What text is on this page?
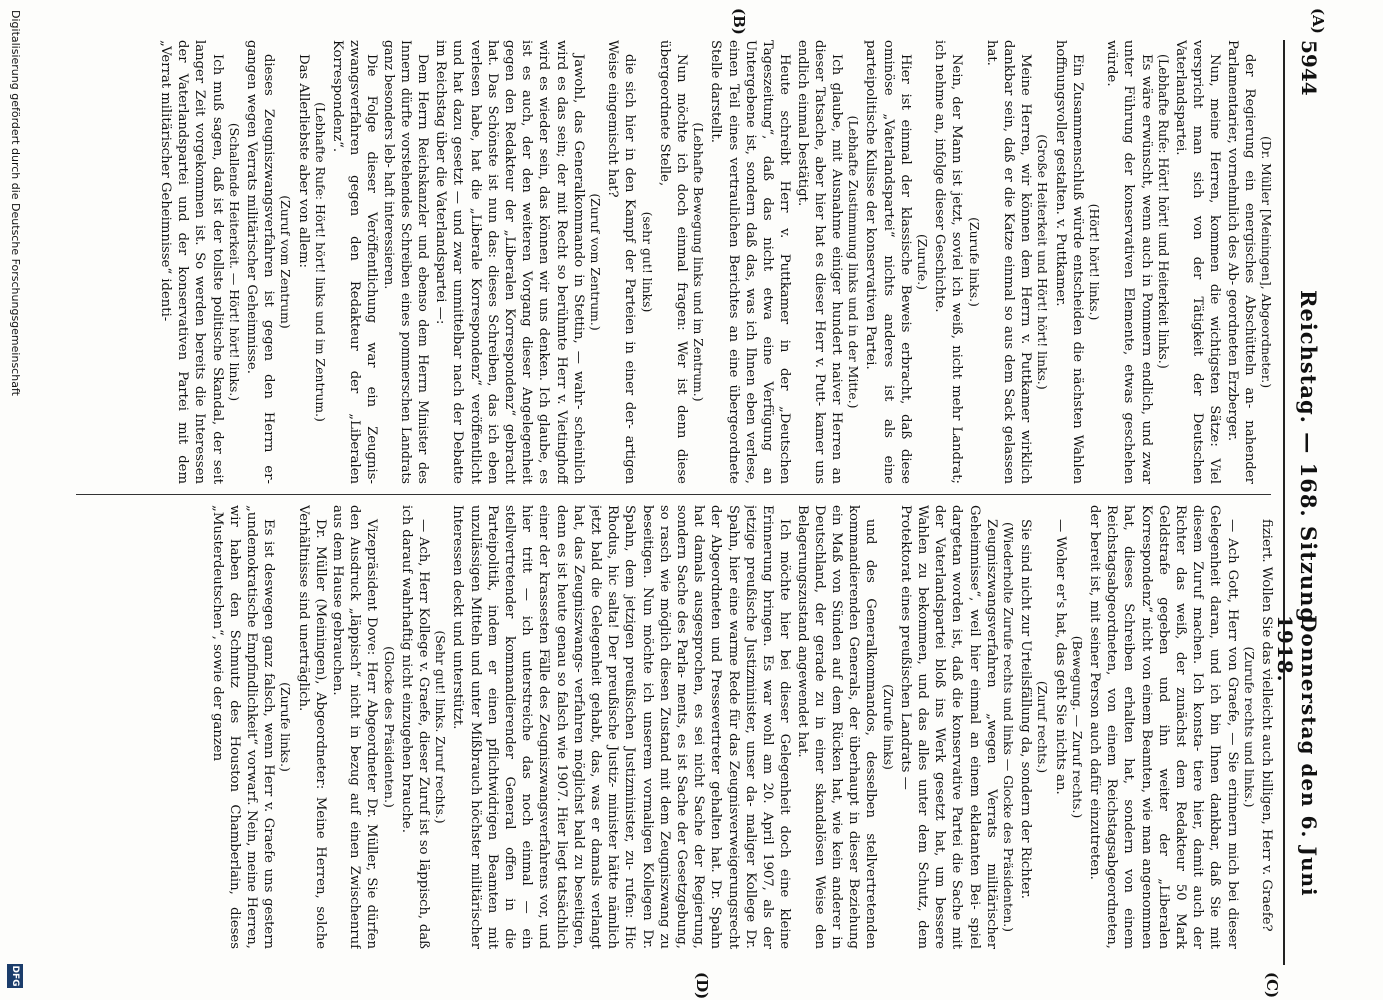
(A)
(B)
(C)
(D)
5944
Reichstag. — 168. Sitzung.
Donnerstag den 6. Juni 1918.

(Dr. Müller [Meiningen], Abgeordneter.)

der Regierung ein energisches Abschütteln an- nahender Parlamentarier, vornehmlich des Ab- geordneten Erzberger.

Nun, meine Herren, kommen die wichtigsten Sätze: Viel verspricht man sich von der Tätigkeit der Deutschen Vaterlandspartei.

(Lebhafte Rufe: Hört! hört! und Heiterkeit links.)

Es wäre erwünscht, wenn auch in Pommern endlich, und zwar unter Führung der konservativen Elemente, etwas geschehen würde.

(Hört! hört! links.)

Ein Zusammenschluß würde entscheiden die nächsten Wahlen hoffnungsvoller gestalten. v. Puttkamer.

(Große Heiterkeit und Hört! hört! links.)

Meine Herren, wir können dem Herrn v. Puttkamer wirklich dankbar sein, daß er die Katze einmal so aus dem Sack gelassen hat.

(Zurufe links.)

Nein, der Mann ist jetzt, soviel ich weiß, nicht mehr Landrat; ich nehme an, infolge dieser Geschichte.

(Zurufe.)

Hier ist einmal der klassische Beweis erbracht, daß diese ominöse „Vaterlandspartei“ nichts anderes ist als eine parteipolitische Kulisse der konservativen Partei.

(Lebhafte Zustimmung links und in der Mitte.)

Ich glaube, mit Ausnahme einiger hundert naiver Herren an dieser Tatsache, aber hier hat es dieser Herr v. Putt- kamer uns endlich einmal bestätigt.

Heute schreibt Herr v. Puttkamer in der „Deutschen Tageszeitung“, daß das nicht etwa eine Verfügung an Untergebene ist, sondern daß das, was ich Ihnen eben verlese, einen Teil eines vertraulichen Berichtes an eine übergeordnete Stelle darstellt.

(Lebhafte Bewegung links und im Zentrum.)

Nun möchte ich doch einmal fragen: Wer ist denn diese übergeordnete Stelle,

(sehr gut! links)

die sich hier in den Kampf der Parteien in einer der- artigen Weise eingemischt hat?

(Zuruf vom Zentrum.)

Jawohl, das Generalkommando in Stettin, — wahr- scheinlich wird es das sein; der mit Recht so berühmte Herr v. Vietinghoff wird es wieder sein, das können wir uns denken. Ich glaube, es ist es auch, der den weiteren Vorgang dieser Angelegenheit gegen den Redakteur der „Liberalen Korrespondenz“ gebracht hat. Das Schönste ist nun das: dieses Schreiben, das ich eben verlesen habe, hat die „Liberale Korrespondenz“ veröffentlicht und hat dazu gesetzt — und zwar unmittelbar nach der Debatte im Reichstag über die Vaterlandspartei —:

Dem Herrn Reichskanzler und ebenso dem Herrn Minister des Innern dürfte vorstehendes Schreiben eines pommerschen Landrats ganz besonders leb- haft interessieren.

Die Folge dieser Veröffentlichung war ein Zeugnis- zwangsverfahren gegen den Redakteur der „Liberalen Korrespondenz“.

(Lebhafte Rufe: Hört! hört! links und im Zentrum.)

Das Allerliebste aber von allem:

(Zuruf vom Zentrum)

dieses Zeugniszwangsverfahren ist gegen den Herrn er- gangen wegen Verrats militärischer Geheimnisse.

(Schallende Heiterkeit. — Hört! hört! links.)

Ich muß sagen, daß ist der tollste politische Skandal, der seit langer Zeit vorgekommen ist. So werden bereits die Interessen der Vaterlandspartei und der konservativen Partei mit dem „Verrat militärischer Geheimnisse“ identi-

fiziert. Wollen Sie das vielleicht auch billigen, Herr v. Graefe?

(Zurufe rechts und links.)

— Ach Gott, Herr von Graefe, — Sie erinnern mich bei dieser Gelegenheit daran, und ich bin Ihnen dankbar, daß Sie mit diesem Zuruf machen. Ich konsta- tiere hier, damit auch der Richter das weiß, der zunächst dem Redakteur 50 Mark Geldstrafe gegeben und ihn weiter der „Liberalen Korrespondenz“ nicht von einem Beamten, wie man angenommen hat, dieses Schreiben erhalten hat, sondern von einem Reichstagsabgeordneten, von einem Reichstagsabgeordneten, der bereit ist, mit seiner Person auch dafür einzutreten.

(Bewegung. — Zuruf rechts.)

— Woher er's hat, das geht Sie nichts an.

(Zuruf rechts.)

Sie sind nicht zur Urteilsfällung da, sondern der Richter.

(Wiederholte Zurufe rechts und links — Glocke des Präsidenten.)

Zeugniszwangsverfahren „wegen Verrats militärischer Geheimnisse“, weil hier einmal an einem eklatanten Bei- spiel dargetan worden ist, daß die konservative Partei die Sache mit der Vaterlandspartei bloß ins Werk gesetzt hat, um bessere Wahlen zu bekommen, und das alles unter dem Schutz, dem Protektorat eines preußischen Landrats —

(Zurufe links)

und des Generalkommandos, desselben stellvertretenden kommandierenden Generals, der überhaupt in dieser Beziehung ein Maß von Sünden auf dem Rücken hat, wie kein anderer in Deutschland, der gerade zu in einer skandalösen Weise den Belagerungszustand angewendet hat.

Ich möchte hier bei dieser Gelegenheit doch eine kleine Erinnerung bringen. Es war wohl am 20. April 1907, als der jetzige preußische Justizminister, unser da- maliger Kollege Dr. Spahn, hier eine warme Rede für das Zeugnisverweigerungsrecht der Abgeordneten und Pressevertreter gehalten hat. Dr. Spahn hat damals ausgesprochen, es sei nicht Sache der Regierung, sondern Sache des Parla- ments, es ist Sache der Gesetzgebung, so rasch wie möglich diesen Zustand mit dem Zeugniszwang zu beseitigen. Nun möchte ich unserem vormaligen Kollegen Dr. Spahn, dem jetzigen preußischen Justizminister, zu- rufen: Hic Rhodus, hic salta! Der preußische Justiz- minister hätte nämlich jetzt bald die Gelegenheit gehabt, das, was er damals verlangt hat, das Zeugniszwangs- verfahren möglichst bald zu beseitigen, denn es ist heute genau so falsch wie 1907. Hier liegt tatsächlich einer der krassesten Fälle des Zeugniszwangsverfahrens vor, und hier tritt — ich unterstreiche das noch einmal — ein stellvertretender kommandierender General offen in die Parteipolitik, indem er einen pflichtwidrigen Beamten mit unzulässigen Mitteln und unter Mißbrauch höchster militärischer Interessen deckt und unterstützt.

(Sehr gut! links. Zuruf rechts.)

— Ach, Herr Kollege v. Graefe, dieser Zuruf ist so läppisch, daß ich darauf wahrhaftig nicht einzugehen brauche.

(Glocke des Präsidenten.)

Vizepräsident Dove: Herr Abgeordneter Dr. Müller, Sie dürfen den Ausdruck „läppisch“ nicht in bezug auf einen Zwischenruf aus dem Hause gebrauchen.

Dr. Müller (Meiningen), Abgeordneter: Meine Herren, solche Verhältnisse sind unerträglich.

(Zurufe links.)

Es ist deswegen ganz falsch, wenn Herr v. Graefe uns gestern „undemokratische Empfindlichkeit“ vorwarf. Nein, meine Herren, wir haben den Schmutz des Houston Chamberlain, dieses „Musterdeutschen“, sowie der ganzen

Digitalisierung gefördert durch die Deutsche Forschungsgemeinschaft
DFG
